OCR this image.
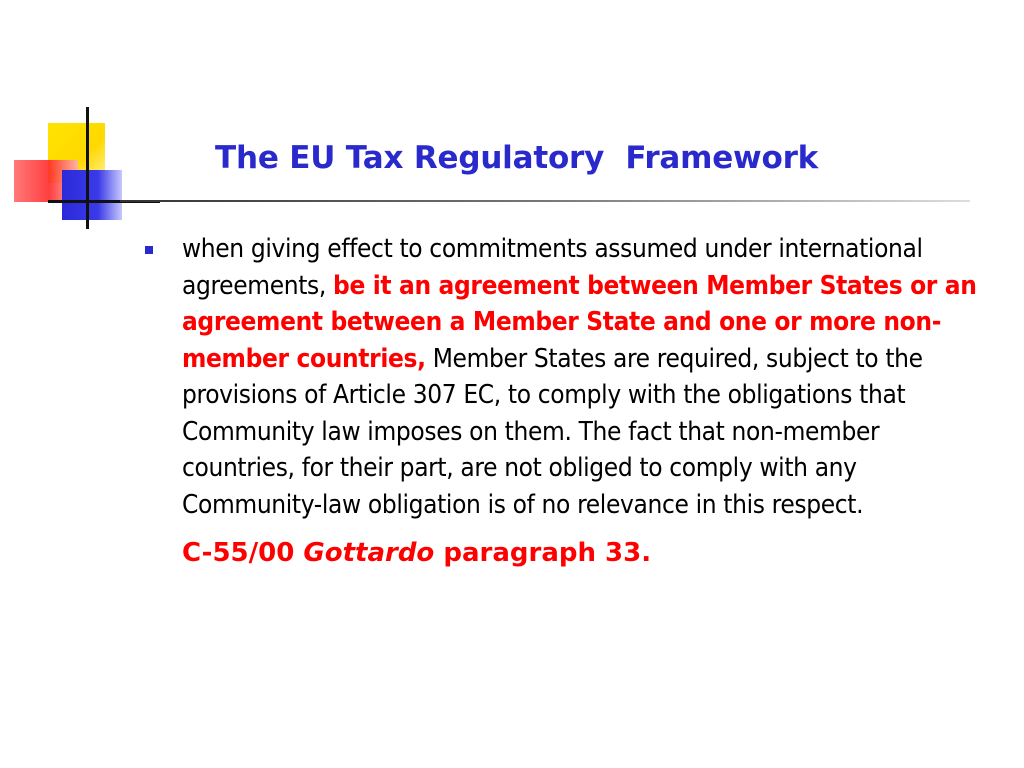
The EU Tax Regulatory  Framework

when giving effect to commitments assumed under international agreements, be it an agreement between Member States or an agreement between a Member State and one or more non-member countries, Member States are required, subject to the provisions of Article 307 EC, to comply with the obligations that Community law imposes on them. The fact that non-member countries, for their part, are not obliged to comply with any Community-law obligation is of no relevance in this respect.

C-55/00 Gottardo paragraph 33.
